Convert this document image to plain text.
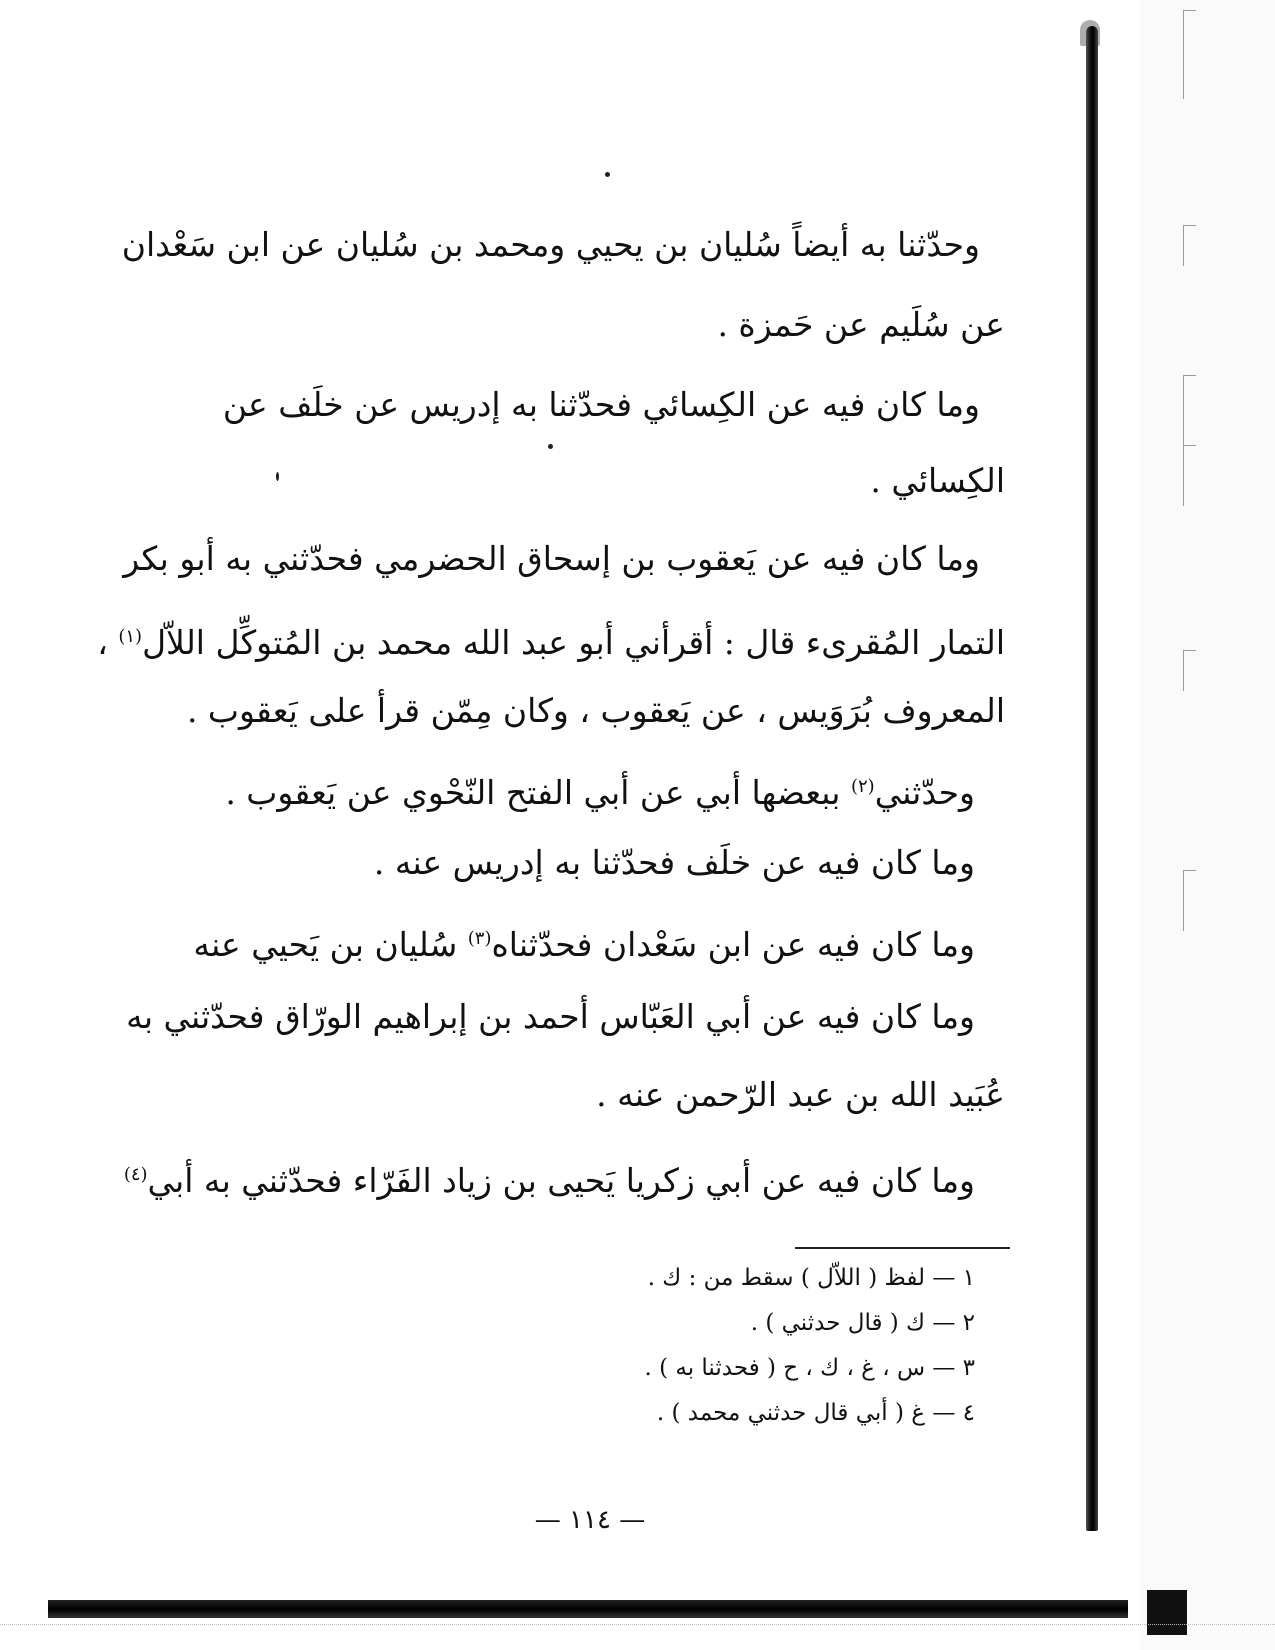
وحدّثنا به أيضاً سُليان بن يحيي ومحمد بن سُليان عن ابن سَعْدان
عن سُلَيم عن حَمزة .
وما كان فيه عن الكِسائي فحدّثنا به إدريس عن خلَف عن
الكِسائي .
وما كان فيه عن يَعقوب بن إسحاق الحضرمي فحدّثني به أبو بكر
التمار المُقرىء قال : أقرأني أبو عبد الله محمد بن المُتوكِّل اللاّل$^{(١)}$ ،
المعروف بُرَوَيس ، عن يَعقوب ، وكان مِمّن قرأ على يَعقوب .
وحدّثني$^{(٢)}$ ببعضها أبي عن أبي الفتح النّحْوي عن يَعقوب .
وما كان فيه عن خلَف فحدّثنا به إدريس عنه .
وما كان فيه عن ابن سَعْدان فحدّثناه$^{(٣)}$ سُليان بن يَحيي عنه
وما كان فيه عن أبي العَبّاس أحمد بن إبراهيم الورّاق فحدّثني به
عُبَيد الله بن عبد الرّحمن عنه .
وما كان فيه عن أبي زكريا يَحيى بن زياد الفَرّاء فحدّثني به أبي$^{(٤)}$
١ — لفظ ( اللاّل ) سقط من : ك .
٢ — ك ( قال حدثني ) .
٣ — س ، غ ، ك ، ح ( فحدثنا به ) .
٤ — غ ( أبي قال حدثني محمد ) .
— ١١٤ —
